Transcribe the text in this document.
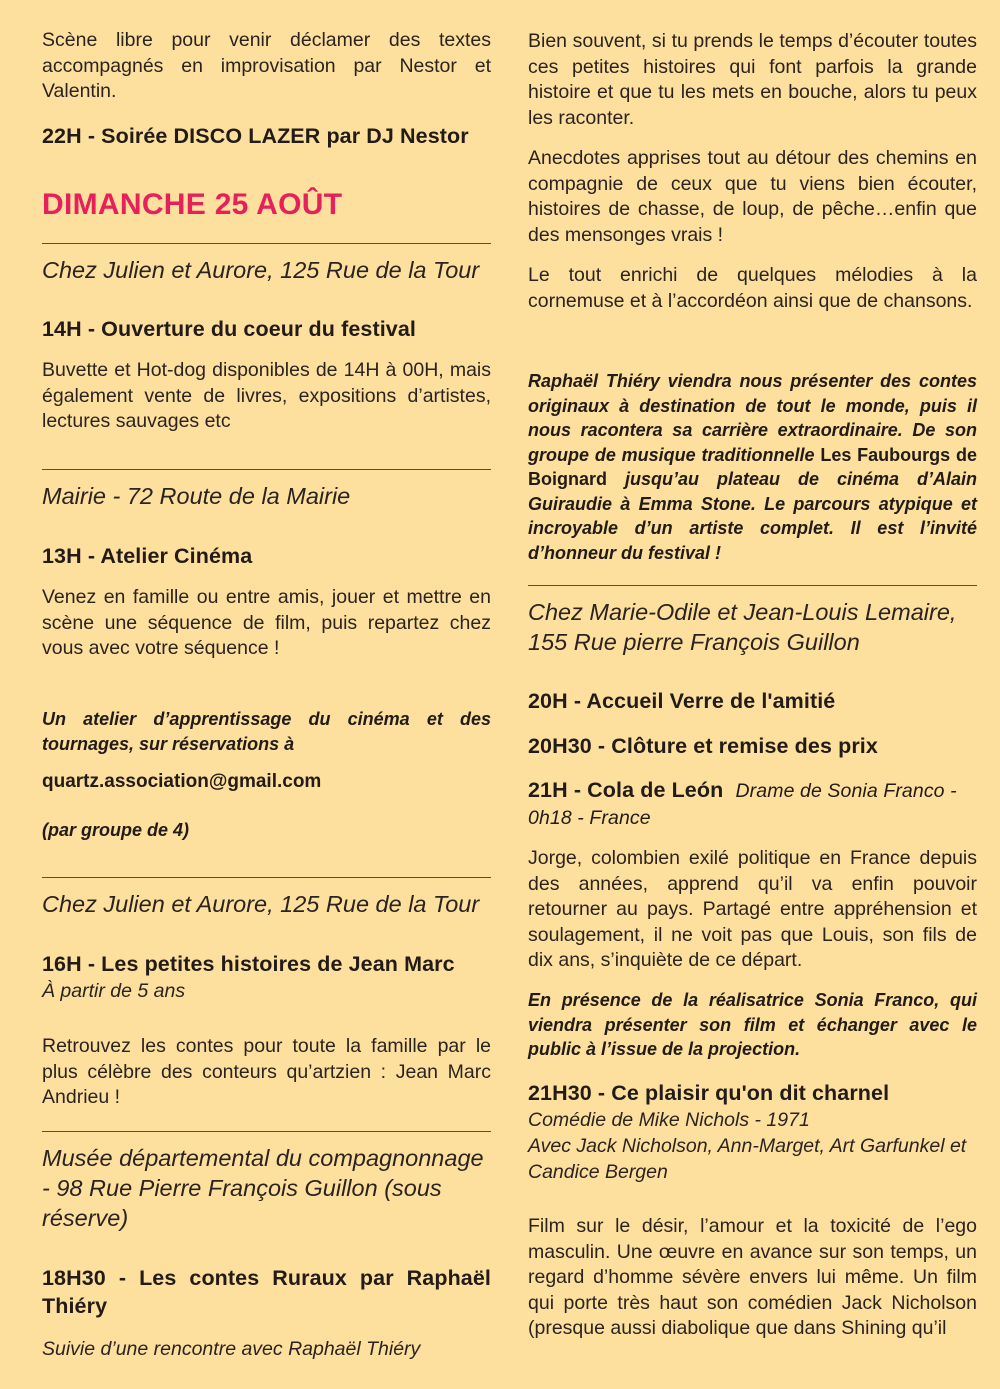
Scène libre pour venir déclamer des textes accompagnés en improvisation par Nestor et Valentin.

22H - Soirée DISCO LAZER par DJ Nestor
DIMANCHE 25 AOÛT
Chez Julien et Aurore, 125 Rue de la Tour
14H - Ouverture du coeur du festival

Buvette et Hot-dog disponibles de 14H à 00H, mais également vente de livres, expositions d’artistes, lectures sauvages etc

Mairie - 72 Route de la Mairie
13H - Atelier Cinéma

Venez en famille ou entre amis, jouer et mettre en scène une séquence de film, puis repartez chez vous avec votre séquence !

Un atelier d’apprentissage du cinéma et des tournages, sur réservations à

quartz.association@gmail.com
(par groupe de 4)
Chez Julien et Aurore, 125 Rue de la Tour
16H - Les petites histoires de Jean Marc
À partir de 5 ans

Retrouvez les contes pour toute la famille par le plus célèbre des conteurs qu’artzien : Jean Marc Andrieu !

Musée départemental du compagnonnage - 98 Rue Pierre François Guillon (sous réserve)
18H30 - Les contes Ruraux par Raphaël Thiéry
Suivie d’une rencontre avec Raphaël Thiéry

Bien souvent, si tu prends le temps d’écouter toutes ces petites histoires qui font parfois la grande histoire et que tu les mets en bouche, alors tu peux les raconter.

Anecdotes apprises tout au détour des chemins en compagnie de ceux que tu viens bien écouter, histoires de chasse, de loup, de pêche…enfin que des mensonges vrais !

Le tout enrichi de quelques mélodies à la cornemuse et à l’accordéon ainsi que de chansons.

Raphaël Thiéry viendra nous présenter des contes originaux à destination de tout le monde, puis il nous racontera sa carrière extraordinaire. De son groupe de musique traditionnelle Les Faubourgs de Boignard jusqu’au plateau de cinéma d’Alain Guiraudie à Emma Stone. Le parcours atypique et incroyable d’un artiste complet. Il est l’invité d’honneur du festival !

Chez Marie-Odile et Jean-Louis Lemaire, 155 Rue pierre François Guillon
20H - Accueil Verre de l'amitié
20H30 - Clôture et remise des prix
21H - Cola de León Drame de Sonia Franco - 0h18 - France

Jorge, colombien exilé politique en France depuis des années, apprend qu’il va enfin pouvoir retourner au pays. Partagé entre appréhension et soulagement, il ne voit pas que Louis, son fils de dix ans, s’inquiète de ce départ.

En présence de la réalisatrice Sonia Franco, qui viendra présenter son film et échanger avec le public à l’issue de la projection.

21H30 - Ce plaisir qu'on dit charnel
Comédie de Mike Nichols - 1971
Avec Jack Nicholson, Ann-Marget, Art Garfunkel et Candice Bergen

Film sur le désir, l’amour et la toxicité de l’ego masculin. Une œuvre en avance sur son temps, un regard d’homme sévère envers lui même. Un film qui porte très haut son comédien Jack Nicholson (presque aussi diabolique que dans Shining qu’il
